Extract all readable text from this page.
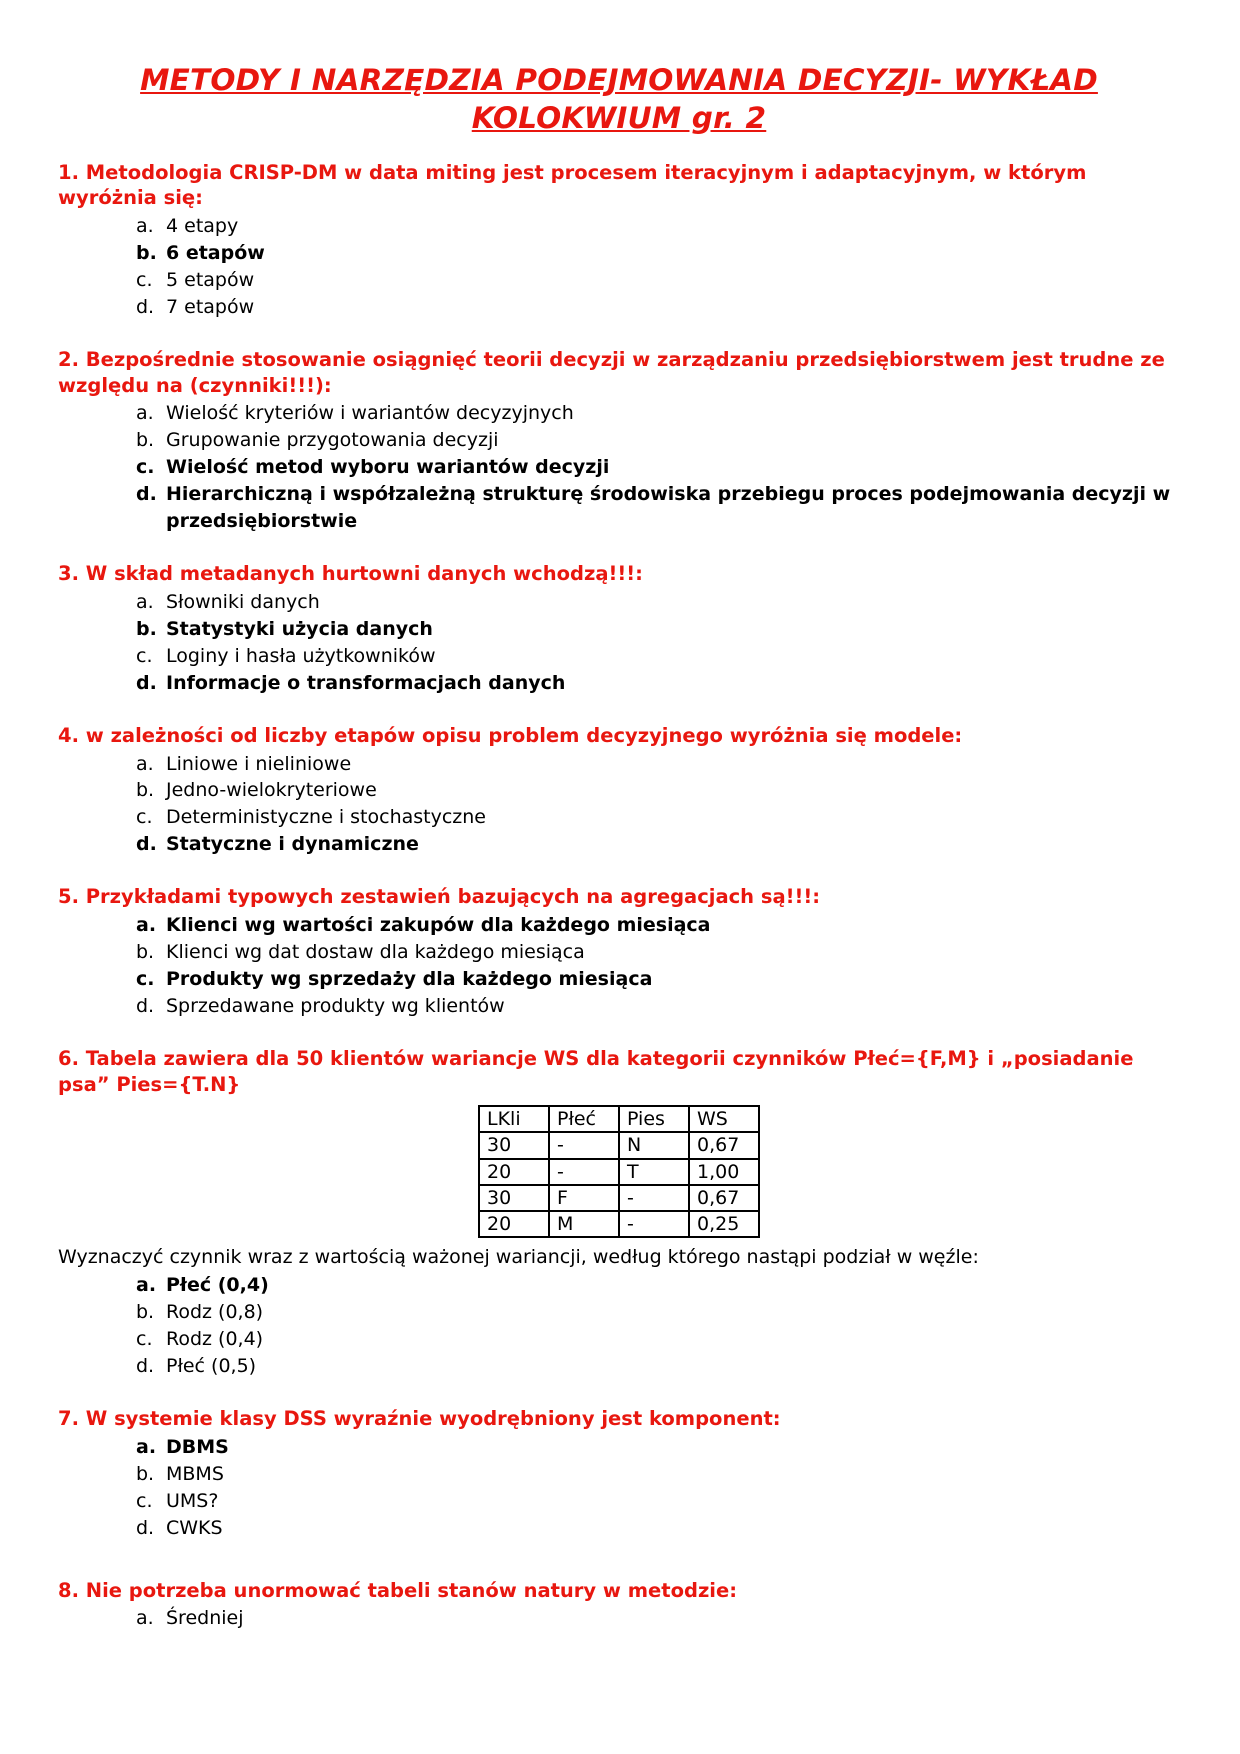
METODY I NARZĘDZIA PODEJMOWANIA DECYZJI- WYKŁAD
KOLOKWIUM gr. 2

1. Metodologia CRISP-DM w data miting jest procesem iteracyjnym i adaptacyjnym, w którym wyróżnia się:

a. 4 etapy
b. 6 etapów
c. 5 etapów
d. 7 etapów

2. Bezpośrednie stosowanie osiągnięć teorii decyzji w zarządzaniu przedsiębiorstwem jest trudne ze względu na (czynniki!!!):

a. Wielość kryteriów i wariantów decyzyjnych
b. Grupowanie przygotowania decyzji
c. Wielość metod wyboru wariantów decyzji
d. Hierarchiczną i współzależną strukturę środowiska przebiegu proces podejmowania decyzji w przedsiębiorstwie

3. W skład metadanych hurtowni danych wchodzą!!!:

a. Słowniki danych
b. Statystyki użycia danych
c. Loginy i hasła użytkowników
d. Informacje o transformacjach danych

4. w zależności od liczby etapów opisu problem decyzyjnego wyróżnia się modele:

a. Liniowe i nieliniowe
b. Jedno-wielokryteriowe
c. Deterministyczne i stochastyczne
d. Statyczne i dynamiczne

5. Przykładami typowych zestawień bazujących na agregacjach są!!!:

a. Klienci wg wartości zakupów dla każdego miesiąca
b. Klienci wg dat dostaw dla każdego miesiąca
c. Produkty wg sprzedaży dla każdego miesiąca
d. Sprzedawane produkty wg klientów

6. Tabela zawiera dla 50 klientów wariancje WS dla kategorii czynników Płeć={F,M} i „posiadanie psa” Pies={T.N}

LKli	Płeć	Pies	WS
30	-	N	0,67
20	-	T	1,00
30	F	-	0,67
20	M	-	0,25

Wyznaczyć czynnik wraz z wartością ważonej wariancji, według którego nastąpi podział w węźle:

a. Płeć (0,4)
b. Rodz (0,8)
c. Rodz (0,4)
d. Płeć (0,5)

7. W systemie klasy DSS wyraźnie wyodrębniony jest komponent:

a. DBMS
b. MBMS
c. UMS?
d. CWKS

8. Nie potrzeba unormować tabeli stanów natury w metodzie:

a. Średniej
